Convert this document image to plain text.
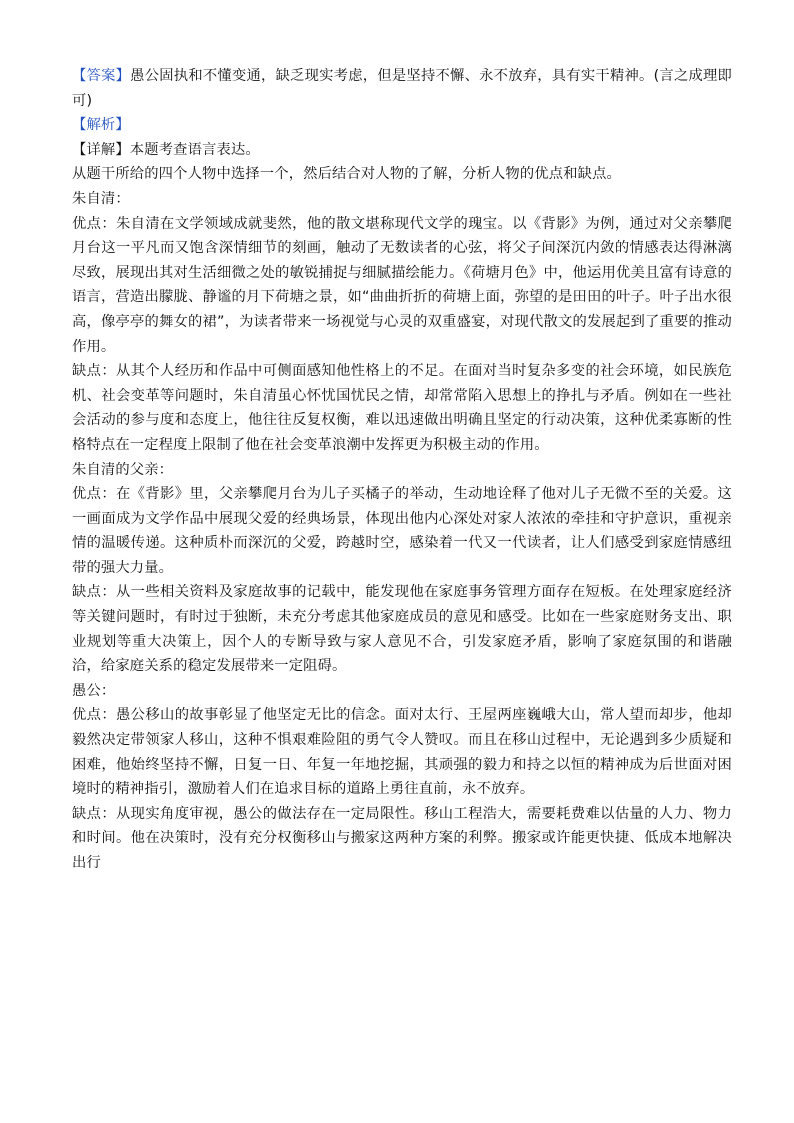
【答案】愚公固执和不懂变通，缺乏现实考虑，但是坚持不懈、永不放弃，具有实干精神。(言之成理即可)

【解析】

【详解】本题考查语言表达。

从题干所给的四个人物中选择一个，然后结合对人物的了解，分析人物的优点和缺点。

朱自清：

优点：朱自清在文学领域成就斐然，他的散文堪称现代文学的瑰宝。以《背影》为例，通过对父亲攀爬月台这一平凡而又饱含深情细节的刻画，触动了无数读者的心弦，将父子间深沉内敛的情感表达得淋漓尽致，展现出其对生活细微之处的敏锐捕捉与细腻描绘能力。《荷塘月色》中，他运用优美且富有诗意的语言，营造出朦胧、静谧的月下荷塘之景，如“曲曲折折的荷塘上面，弥望的是田田的叶子。叶子出水很高，像亭亭的舞女的裙”，为读者带来一场视觉与心灵的双重盛宴，对现代散文的发展起到了重要的推动作用。

缺点：从其个人经历和作品中可侧面感知他性格上的不足。在面对当时复杂多变的社会环境，如民族危机、社会变革等问题时，朱自清虽心怀忧国忧民之情，却常常陷入思想上的挣扎与矛盾。例如在一些社会活动的参与度和态度上，他往往反复权衡，难以迅速做出明确且坚定的行动决策，这种优柔寡断的性格特点在一定程度上限制了他在社会变革浪潮中发挥更为积极主动的作用。

朱自清的父亲：

优点：在《背影》里，父亲攀爬月台为儿子买橘子的举动，生动地诠释了他对儿子无微不至的关爱。这一画面成为文学作品中展现父爱的经典场景，体现出他内心深处对家人浓浓的牵挂和守护意识，重视亲情的温暖传递。这种质朴而深沉的父爱，跨越时空，感染着一代又一代读者，让人们感受到家庭情感纽带的强大力量。

缺点：从一些相关资料及家庭故事的记载中，能发现他在家庭事务管理方面存在短板。在处理家庭经济等关键问题时，有时过于独断，未充分考虑其他家庭成员的意见和感受。比如在一些家庭财务支出、职业规划等重大决策上，因个人的专断导致与家人意见不合，引发家庭矛盾，影响了家庭氛围的和谐融洽，给家庭关系的稳定发展带来一定阻碍。

愚公：

优点：愚公移山的故事彰显了他坚定无比的信念。面对太行、王屋两座巍峨大山，常人望而却步，他却毅然决定带领家人移山，这种不惧艰难险阻的勇气令人赞叹。而且在移山过程中，无论遇到多少质疑和困难，他始终坚持不懈，日复一日、年复一年地挖掘，其顽强的毅力和持之以恒的精神成为后世面对困境时的精神指引，激励着人们在追求目标的道路上勇往直前，永不放弃。

缺点：从现实角度审视，愚公的做法存在一定局限性。移山工程浩大，需要耗费难以估量的人力、物力和时间。他在决策时，没有充分权衡移山与搬家这两种方案的利弊。搬家或许能更快捷、低成本地解决出行
